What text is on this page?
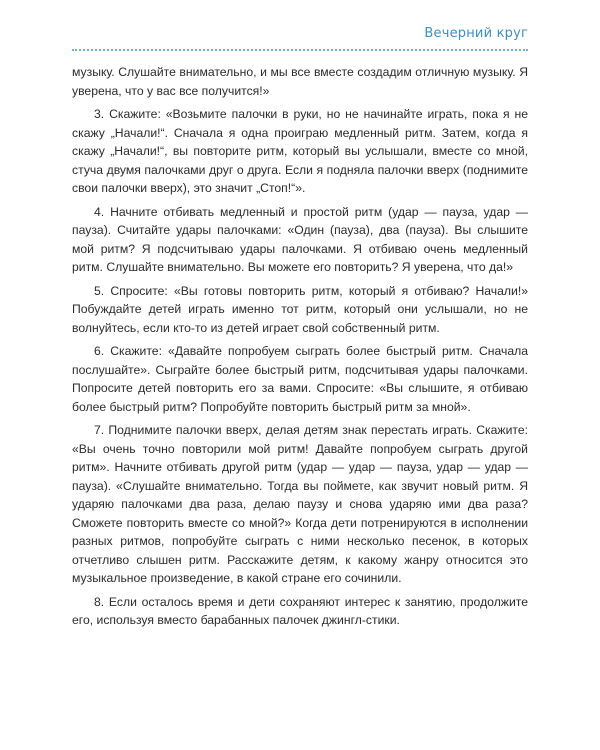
Вечерний круг

музыку. Слушайте внимательно, и мы все вместе создадим отличную музыку. Я уверена, что у вас все получится!»

3. Скажите: «Возьмите палочки в руки, но не начинайте играть, пока я не скажу „Начали!“. Сначала я одна проиграю медленный ритм. Затем, когда я скажу „Начали!“, вы повторите ритм, который вы услышали, вместе со мной, стуча двумя палочками друг о друга. Если я подняла палочки вверх (поднимите свои палочки вверх), это значит „Стоп!“».

4. Начните отбивать медленный и простой ритм (удар — пауза, удар — пауза). Считайте удары палочками: «Один (пауза), два (пауза). Вы слышите мой ритм? Я подсчитываю удары палочками. Я отбиваю очень медленный ритм. Слушайте внимательно. Вы можете его повторить? Я уверена, что да!»

5. Спросите: «Вы готовы повторить ритм, который я отбиваю? Начали!» Побуждайте детей играть именно тот ритм, который они услышали, но не волнуйтесь, если кто-то из детей играет свой собственный ритм.

6. Скажите: «Давайте попробуем сыграть более быстрый ритм. Сначала послушайте». Сыграйте более быстрый ритм, подсчитывая удары палочками. Попросите детей повторить его за вами. Спросите: «Вы слышите, я отбиваю более быстрый ритм? Попробуйте повторить быстрый ритм за мной».

7. Поднимите палочки вверх, делая детям знак перестать играть. Скажите: «Вы очень точно повторили мой ритм! Давайте попробуем сыграть другой ритм». Начните отбивать другой ритм (удар — удар — пауза, удар — удар — пауза). «Слушайте внимательно. Тогда вы поймете, как звучит новый ритм. Я ударяю палочками два раза, делаю паузу и снова ударяю ими два раза? Сможете повторить вместе со мной?» Когда дети потренируются в исполнении разных ритмов, попробуйте сыграть с ними несколько песенок, в которых отчетливо слышен ритм. Расскажите детям, к какому жанру относится это музыкальное произведение, в какой стране его сочинили.

8. Если осталось время и дети сохраняют интерес к занятию, продолжите его, используя вместо барабанных палочек джингл-стики.
